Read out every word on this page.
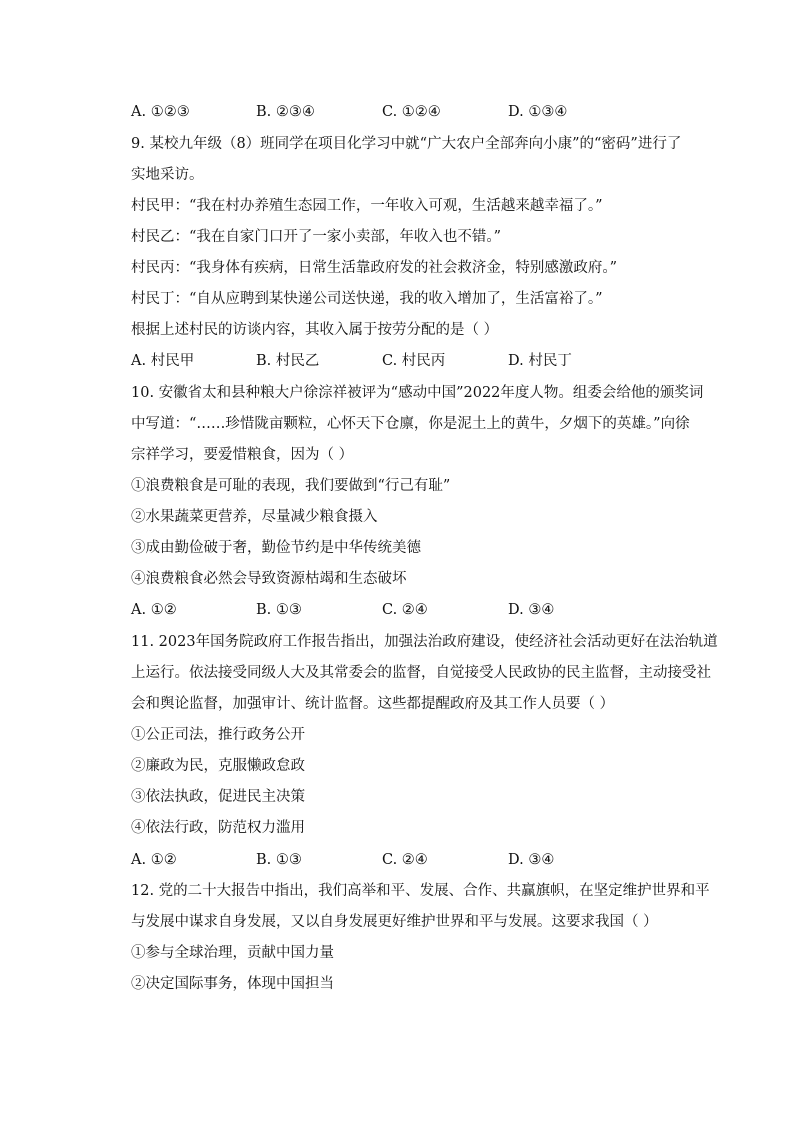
A. ①②③	B. ②③④	C. ①②④	D. ①③④
9. 某校九年级（8）班同学在项目化学习中就“广大农户全部奔向小康”的“密码”进行了
实地采访。
村民甲：“我在村办养殖生态园工作，一年收入可观，生活越来越幸福了。”
村民乙：“我在自家门口开了一家小卖部，年收入也不错。”
村民丙：“我身体有疾病，日常生活靠政府发的社会救济金，特别感激政府。”
村民丁：“自从应聘到某快递公司送快递，我的收入增加了，生活富裕了。”
根据上述村民的访谈内容，其收入属于按劳分配的是（ ）
A. 村民甲	B. 村民乙	C. 村民丙	D. 村民丁
10. 安徽省太和县种粮大户徐淙祥被评为“感动中国”2022年度人物。组委会给他的颁奖词
中写道：“……珍惜陇亩颗粒，心怀天下仓廪，你是泥土上的黄牛，夕烟下的英雄。”向徐
宗祥学习，要爱惜粮食，因为（ ）
①浪费粮食是可耻的表现，我们要做到“行己有耻”
②水果蔬菜更营养，尽量减少粮食摄入
③成由勤俭破于奢，勤俭节约是中华传统美德
④浪费粮食必然会导致资源枯竭和生态破坏
A. ①②	B. ①③	C. ②④	D. ③④
11. 2023年国务院政府工作报告指出，加强法治政府建设，使经济社会活动更好在法治轨道
上运行。依法接受同级人大及其常委会的监督，自觉接受人民政协的民主监督，主动接受社
会和舆论监督，加强审计、统计监督。这些都提醒政府及其工作人员要（ ）
①公正司法，推行政务公开
②廉政为民，克服懒政怠政
③依法执政，促进民主决策
④依法行政，防范权力滥用
A. ①②	B. ①③	C. ②④	D. ③④
12. 党的二十大报告中指出，我们高举和平、发展、合作、共赢旗帜，在坚定维护世界和平
与发展中谋求自身发展，又以自身发展更好维护世界和平与发展。这要求我国（ ）
①参与全球治理，贡献中国力量
②决定国际事务，体现中国担当
